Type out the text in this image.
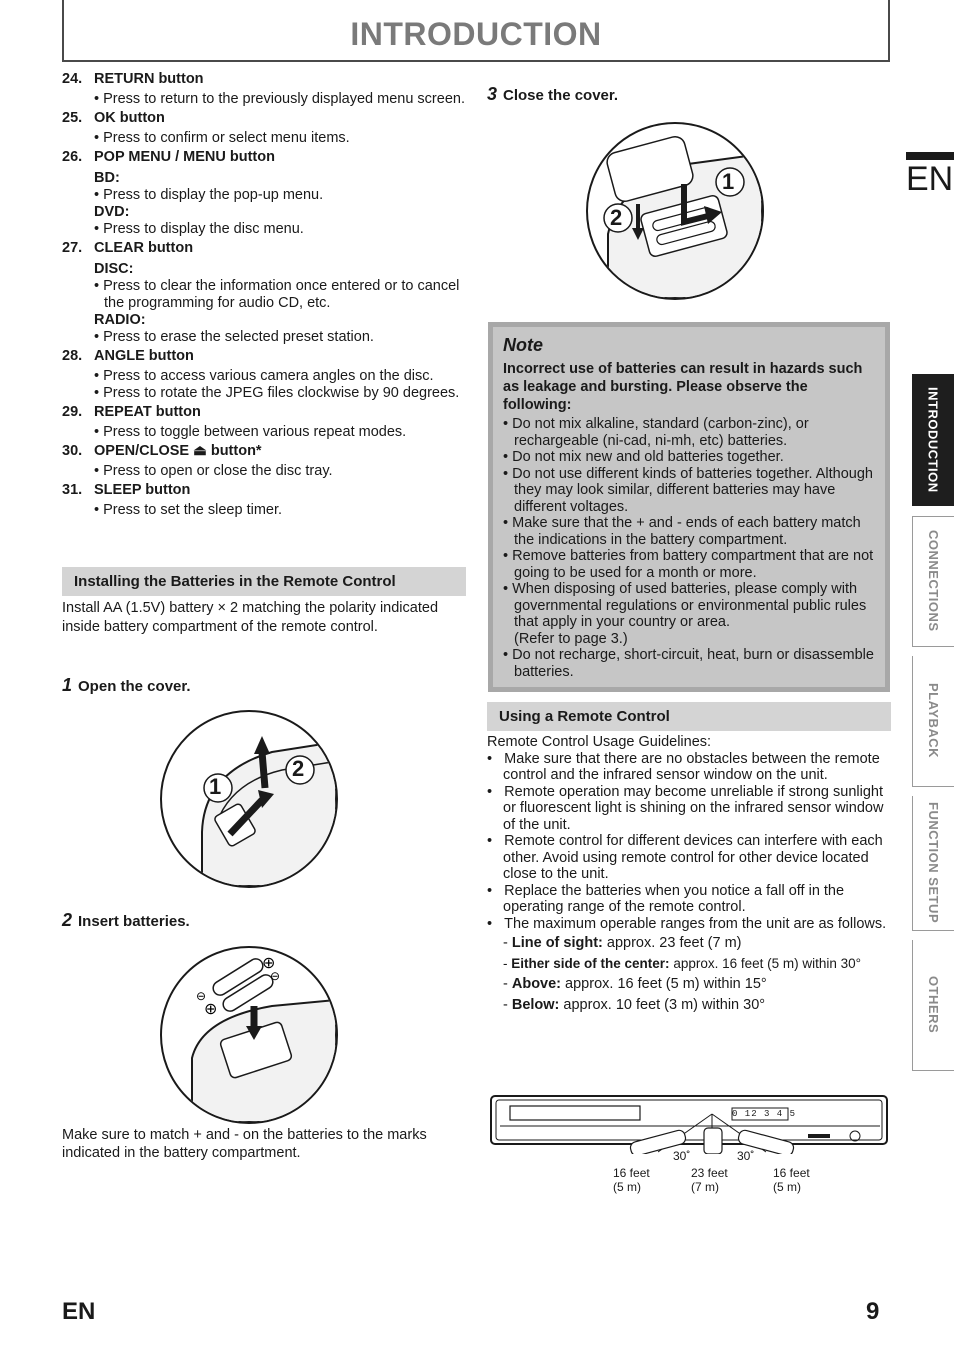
INTRODUCTION
EN
INTRODUCTION
CONNECTIONS
PLAYBACK
FUNCTION SETUP
OTHERS
24. RETURN button
• Press to return to the previously displayed menu screen.
25. OK button
• Press to confirm or select menu items.
26. POP MENU / MENU button
BD:
• Press to display the pop-up menu.
DVD:
• Press to display the disc menu.
27. CLEAR button
DISC:
• Press to clear the information once entered or to cancel the programming for audio CD, etc.
RADIO:
• Press to erase the selected preset station.
28. ANGLE button
• Press to access various camera angles on the disc.
• Press to rotate the JPEG files clockwise by 90 degrees.
29. REPEAT button
• Press to toggle between various repeat modes.
30. OPEN/CLOSE ⏏ button*
• Press to open or close the disc tray.
31. SLEEP button
• Press to set the sleep timer.
Installing the Batteries in the Remote Control
Install AA (1.5V) battery × 2 matching the polarity indicated inside battery compartment of the remote control.
1 Open the cover.
1
2
2 Insert batteries.
⊕
⊖
⊖
⊕
Make sure to match + and - on the batteries to the marks indicated in the battery compartment.
3 Close the cover.
1
2
Note
Incorrect use of batteries can result in hazards such as leakage and bursting. Please observe the following:
• Do not mix alkaline, standard (carbon-zinc), or rechargeable (ni-cad, ni-mh, etc) batteries.
• Do not mix new and old batteries together.
• Do not use different kinds of batteries together. Although they may look similar, different batteries may have different voltages.
• Make sure that the + and - ends of each battery match the indications in the battery compartment.
• Remove batteries from battery compartment that are not going to be used for a month or more.
• When disposing of used batteries, please comply with governmental regulations or environmental public rules that apply in your country or area.
(Refer to page 3.)
• Do not recharge, short-circuit, heat, burn or disassemble batteries.
Using a Remote Control
Remote Control Usage Guidelines:
•   Make sure that there are no obstacles between the remote control and the infrared sensor window on the unit.
•   Remote operation may become unreliable if strong sunlight or fluorescent light is shining on the infrared sensor window of the unit.
•   Remote control for different devices can interfere with each other. Avoid using remote control for other device located close to the unit.
•   Replace the batteries when you notice a fall off in the operating range of the remote control.
•   The maximum operable ranges from the unit are as follows.
- Line of sight: approx. 23 feet (7 m)
- Either side of the center: approx. 16 feet (5 m) within 30°
- Above: approx. 16 feet (5 m) within 15°
- Below: approx. 10 feet (3 m) within 30°
0 12 3 4 5
30˚	30˚
16 feet
(5 m)
23 feet
(7 m)
16 feet
(5 m)
EN	9
